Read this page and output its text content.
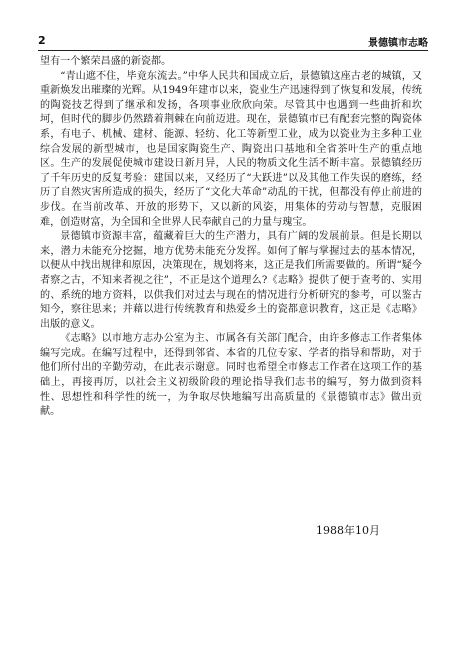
2	景德镇市志略

望有一个繁荣昌盛的新瓷都。

“青山遮不住，毕竟东流去。”中华人民共和国成立后，景德镇这座古老的城镇，又重新焕发出璀璨的光辉。从1949年建市以来，瓷业生产迅速得到了恢复和发展，传统的陶瓷技艺得到了继承和发扬，各项事业欣欣向荣。尽管其中也遇到一些曲折和坎坷，但时代的脚步仍然踏着荆棘在向前迈进。现在，景德镇市已有配套完整的陶瓷体系，有电子、机械、建材、能源、轻纺、化工等新型工业，成为以瓷业为主多种工业综合发展的新型城市，也是国家陶瓷生产、陶瓷出口基地和全省茶叶生产的重点地区。生产的发展促使城市建设日新月异，人民的物质文化生活不断丰富。景德镇经历了千年历史的反复考验：建国以来，又经历了“大跃进”以及其他工作失误的磨练，经历了自然灾害所造成的损失，经历了“文化大革命”动乱的干扰，但都没有停止前进的步伐。在当前改革、开放的形势下，又以新的风姿，用集体的劳动与智慧，克服困难，创造财富，为全国和全世界人民奉献自己的力量与瑰宝。

景德镇市资源丰富，蕴藏着巨大的生产潜力，具有广阔的发展前景。但是长期以来，潜力未能充分挖掘，地方优势未能充分发挥。如何了解与掌握过去的基本情况，以便从中找出规律和原因，决策现在，规划将来，这正是我们所需要做的。所谓“疑今者察之古，不知来者视之往”，不正是这个道理么?《志略》提供了便于查考的、实用的、系统的地方资料，以供我们对过去与现在的情况进行分析研究的参考，可以鉴古知今，察往思来；并藉以进行传统教育和热爱乡土的瓷都意识教育，这正是《志略》出版的意义。

《志略》以市地方志办公室为主、市属各有关部门配合，由许多修志工作者集体编写完成。在编写过程中，还得到邻省、本省的几位专家、学者的指导和帮助，对于他们所付出的辛勤劳动，在此表示谢意。同时也希望全市修志工作者在这项工作的基础上，再接再厉，以社会主义初级阶段的理论指导我们志书的编写，努力做到资料性、思想性和科学性的统一，为争取尽快地编写出高质量的《景德镇市志》做出贡献。

1988年10月
